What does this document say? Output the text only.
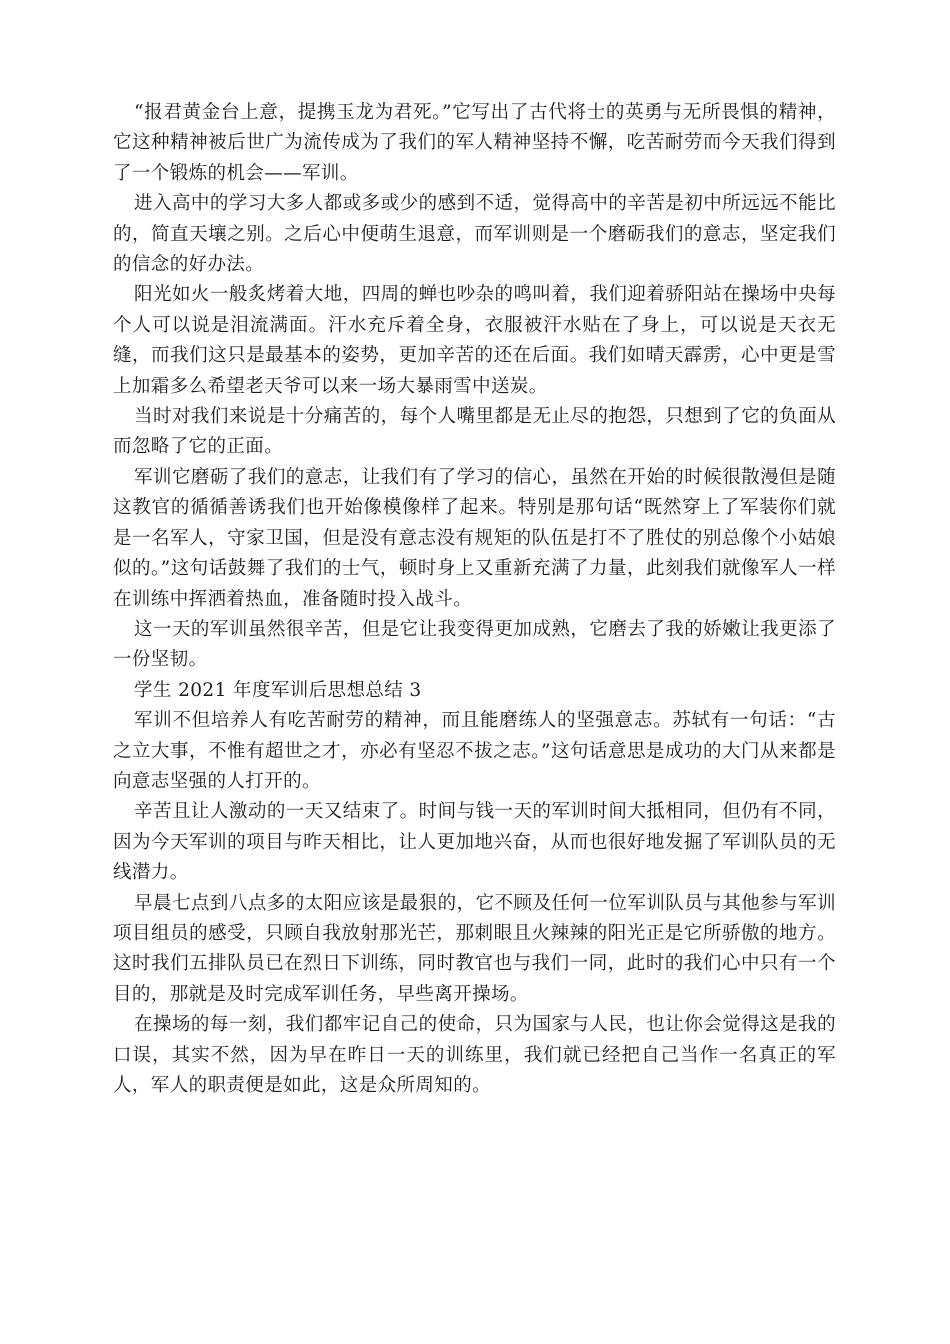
“报君黄金台上意，提携玉龙为君死。”它写出了古代将士的英勇与无所畏惧的精神，它这种精神被后世广为流传成为了我们的军人精神坚持不懈，吃苦耐劳而今天我们得到了一个锻炼的机会——军训。

进入高中的学习大多人都或多或少的感到不适，觉得高中的辛苦是初中所远远不能比的，简直天壤之别。之后心中便萌生退意，而军训则是一个磨砺我们的意志，坚定我们的信念的好办法。

阳光如火一般炙烤着大地，四周的蝉也吵杂的鸣叫着，我们迎着骄阳站在操场中央每个人可以说是泪流满面。汗水充斥着全身，衣服被汗水贴在了身上，可以说是天衣无缝，而我们这只是最基本的姿势，更加辛苦的还在后面。我们如晴天霹雳，心中更是雪上加霜多么希望老天爷可以来一场大暴雨雪中送炭。

当时对我们来说是十分痛苦的，每个人嘴里都是无止尽的抱怨，只想到了它的负面从而忽略了它的正面。

军训它磨砺了我们的意志，让我们有了学习的信心，虽然在开始的时候很散漫但是随这教官的循循善诱我们也开始像模像样了起来。特别是那句话“既然穿上了军装你们就是一名军人，守家卫国，但是没有意志没有规矩的队伍是打不了胜仗的别总像个小姑娘似的。”这句话鼓舞了我们的士气，顿时身上又重新充满了力量，此刻我们就像军人一样在训练中挥洒着热血，准备随时投入战斗。

这一天的军训虽然很辛苦，但是它让我变得更加成熟，它磨去了我的娇嫩让我更添了一份坚韧。

学生 2021 年度军训后思想总结 3

军训不但培养人有吃苦耐劳的精神，而且能磨练人的坚强意志。苏轼有一句话：“古之立大事，不惟有超世之才，亦必有坚忍不拔之志。”这句话意思是成功的大门从来都是向意志坚强的人打开的。

辛苦且让人激动的一天又结束了。时间与钱一天的军训时间大抵相同，但仍有不同，因为今天军训的项目与昨天相比，让人更加地兴奋，从而也很好地发掘了军训队员的无线潜力。

早晨七点到八点多的太阳应该是最狠的，它不顾及任何一位军训队员与其他参与军训项目组员的感受，只顾自我放射那光芒，那刺眼且火辣辣的阳光正是它所骄傲的地方。这时我们五排队员已在烈日下训练，同时教官也与我们一同，此时的我们心中只有一个目的，那就是及时完成军训任务，早些离开操场。

在操场的每一刻，我们都牢记自己的使命，只为国家与人民，也让你会觉得这是我的口误，其实不然，因为早在昨日一天的训练里，我们就已经把自己当作一名真正的军人，军人的职责便是如此，这是众所周知的。
